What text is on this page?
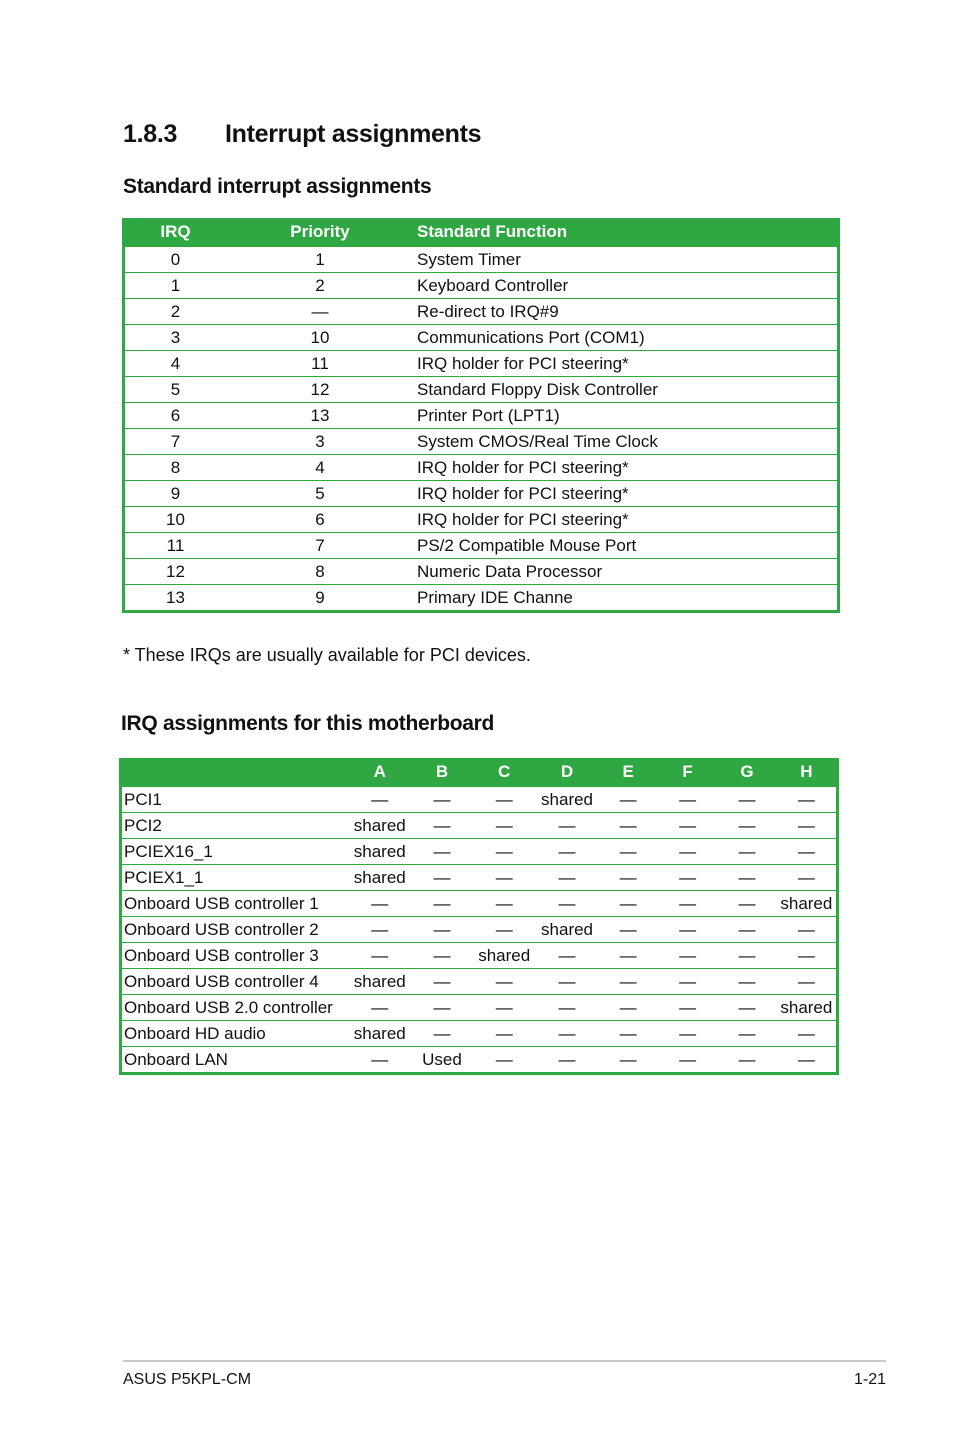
1.8.3 Interrupt assignments
Standard interrupt assignments
IRQ	Priority	Standard Function
0	1	System Timer
1	2	Keyboard Controller
2	—	Re-direct to IRQ#9
3	10	Communications Port (COM1)
4	11	IRQ holder for PCI steering*
5	12	Standard Floppy Disk Controller
6	13	Printer Port (LPT1)
7	3	System CMOS/Real Time Clock
8	4	IRQ holder for PCI steering*
9	5	IRQ holder for PCI steering*
10	6	IRQ holder for PCI steering*
11	7	PS/2 Compatible Mouse Port
12	8	Numeric Data Processor
13	9	Primary IDE Channe

* These IRQs are usually available for PCI devices.

IRQ assignments for this motherboard
	A	B	C	D	E	F	G	H
PCI1	—	—	—	shared	—	—	—	—
PCI2	shared	—	—	—	—	—	—	—
PCIEX16_1	shared	—	—	—	—	—	—	—
PCIEX1_1	shared	—	—	—	—	—	—	—
Onboard USB controller 1	—	—	—	—	—	—	—	shared
Onboard USB controller 2	—	—	—	shared	—	—	—	—
Onboard USB controller 3	—	—	shared	—	—	—	—	—
Onboard USB controller 4	shared	—	—	—	—	—	—	—
Onboard USB 2.0 controller	—	—	—	—	—	—	—	shared
Onboard HD audio	shared	—	—	—	—	—	—	—
Onboard LAN	—	Used	—	—	—	—	—	—
ASUS P5KPL-CM	1-21
